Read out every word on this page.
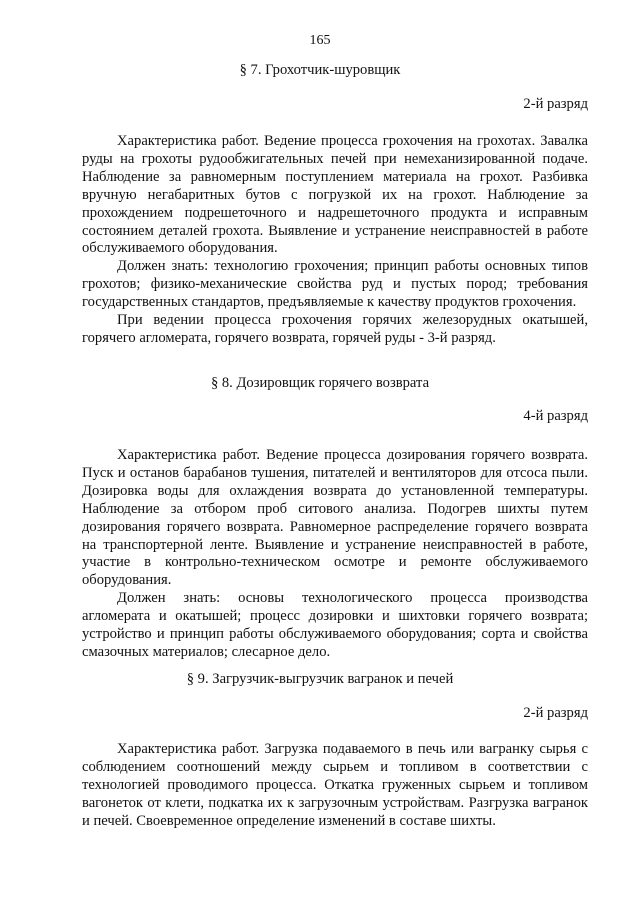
165
§ 7. Грохотчик-шуровщик
2-й разряд

Характеристика работ. Ведение процесса грохочения на грохотах. Завалка руды на грохоты рудообжигательных печей при немеханизированной подаче. Наблюдение за равномерным поступлением материала на грохот. Разбивка вручную негабаритных бутов с погрузкой их на грохот. Наблюдение за прохождением подрешеточного и надрешеточного продукта и исправным состоянием деталей грохота. Выявление и устранение неисправностей в работе обслуживаемого оборудования.

Должен знать: технологию грохочения; принцип работы основных типов грохотов; физико-механические свойства руд и пустых пород; требования государственных стандартов, предъявляемые к качеству продуктов грохочения.

При ведении процесса грохочения горячих железорудных окатышей, горячего агломерата, горячего возврата, горячей руды - 3-й разряд.

§ 8. Дозировщик горячего возврата
4-й разряд

Характеристика работ. Ведение процесса дозирования горячего возврата. Пуск и останов барабанов тушения, питателей и вентиляторов для отсоса пыли. Дозировка воды для охлаждения возврата до установленной температуры. Наблюдение за отбором проб ситового анализа. Подогрев шихты путем дозирования горячего возврата. Равномерное распределение горячего возврата на транспортерной ленте. Выявление и устранение неисправностей в работе, участие в контрольно-техническом осмотре и ремонте обслуживаемого оборудования.

Должен знать: основы технологического процесса производства агломерата и окатышей; процесс дозировки и шихтовки горячего возврата; устройство и принцип работы обслуживаемого оборудования; сорта и свойства смазочных материалов; слесарное дело.

§ 9. Загрузчик-выгрузчик вагранок и печей
2-й разряд

Характеристика работ. Загрузка подаваемого в печь или вагранку сырья с соблюдением соотношений между сырьем и топливом в соответствии с технологией проводимого процесса. Откатка груженных сырьем и топливом вагонеток от клети, подкатка их к загрузочным устройствам. Разгрузка вагранок и печей. Своевременное определение изменений в составе шихты.
